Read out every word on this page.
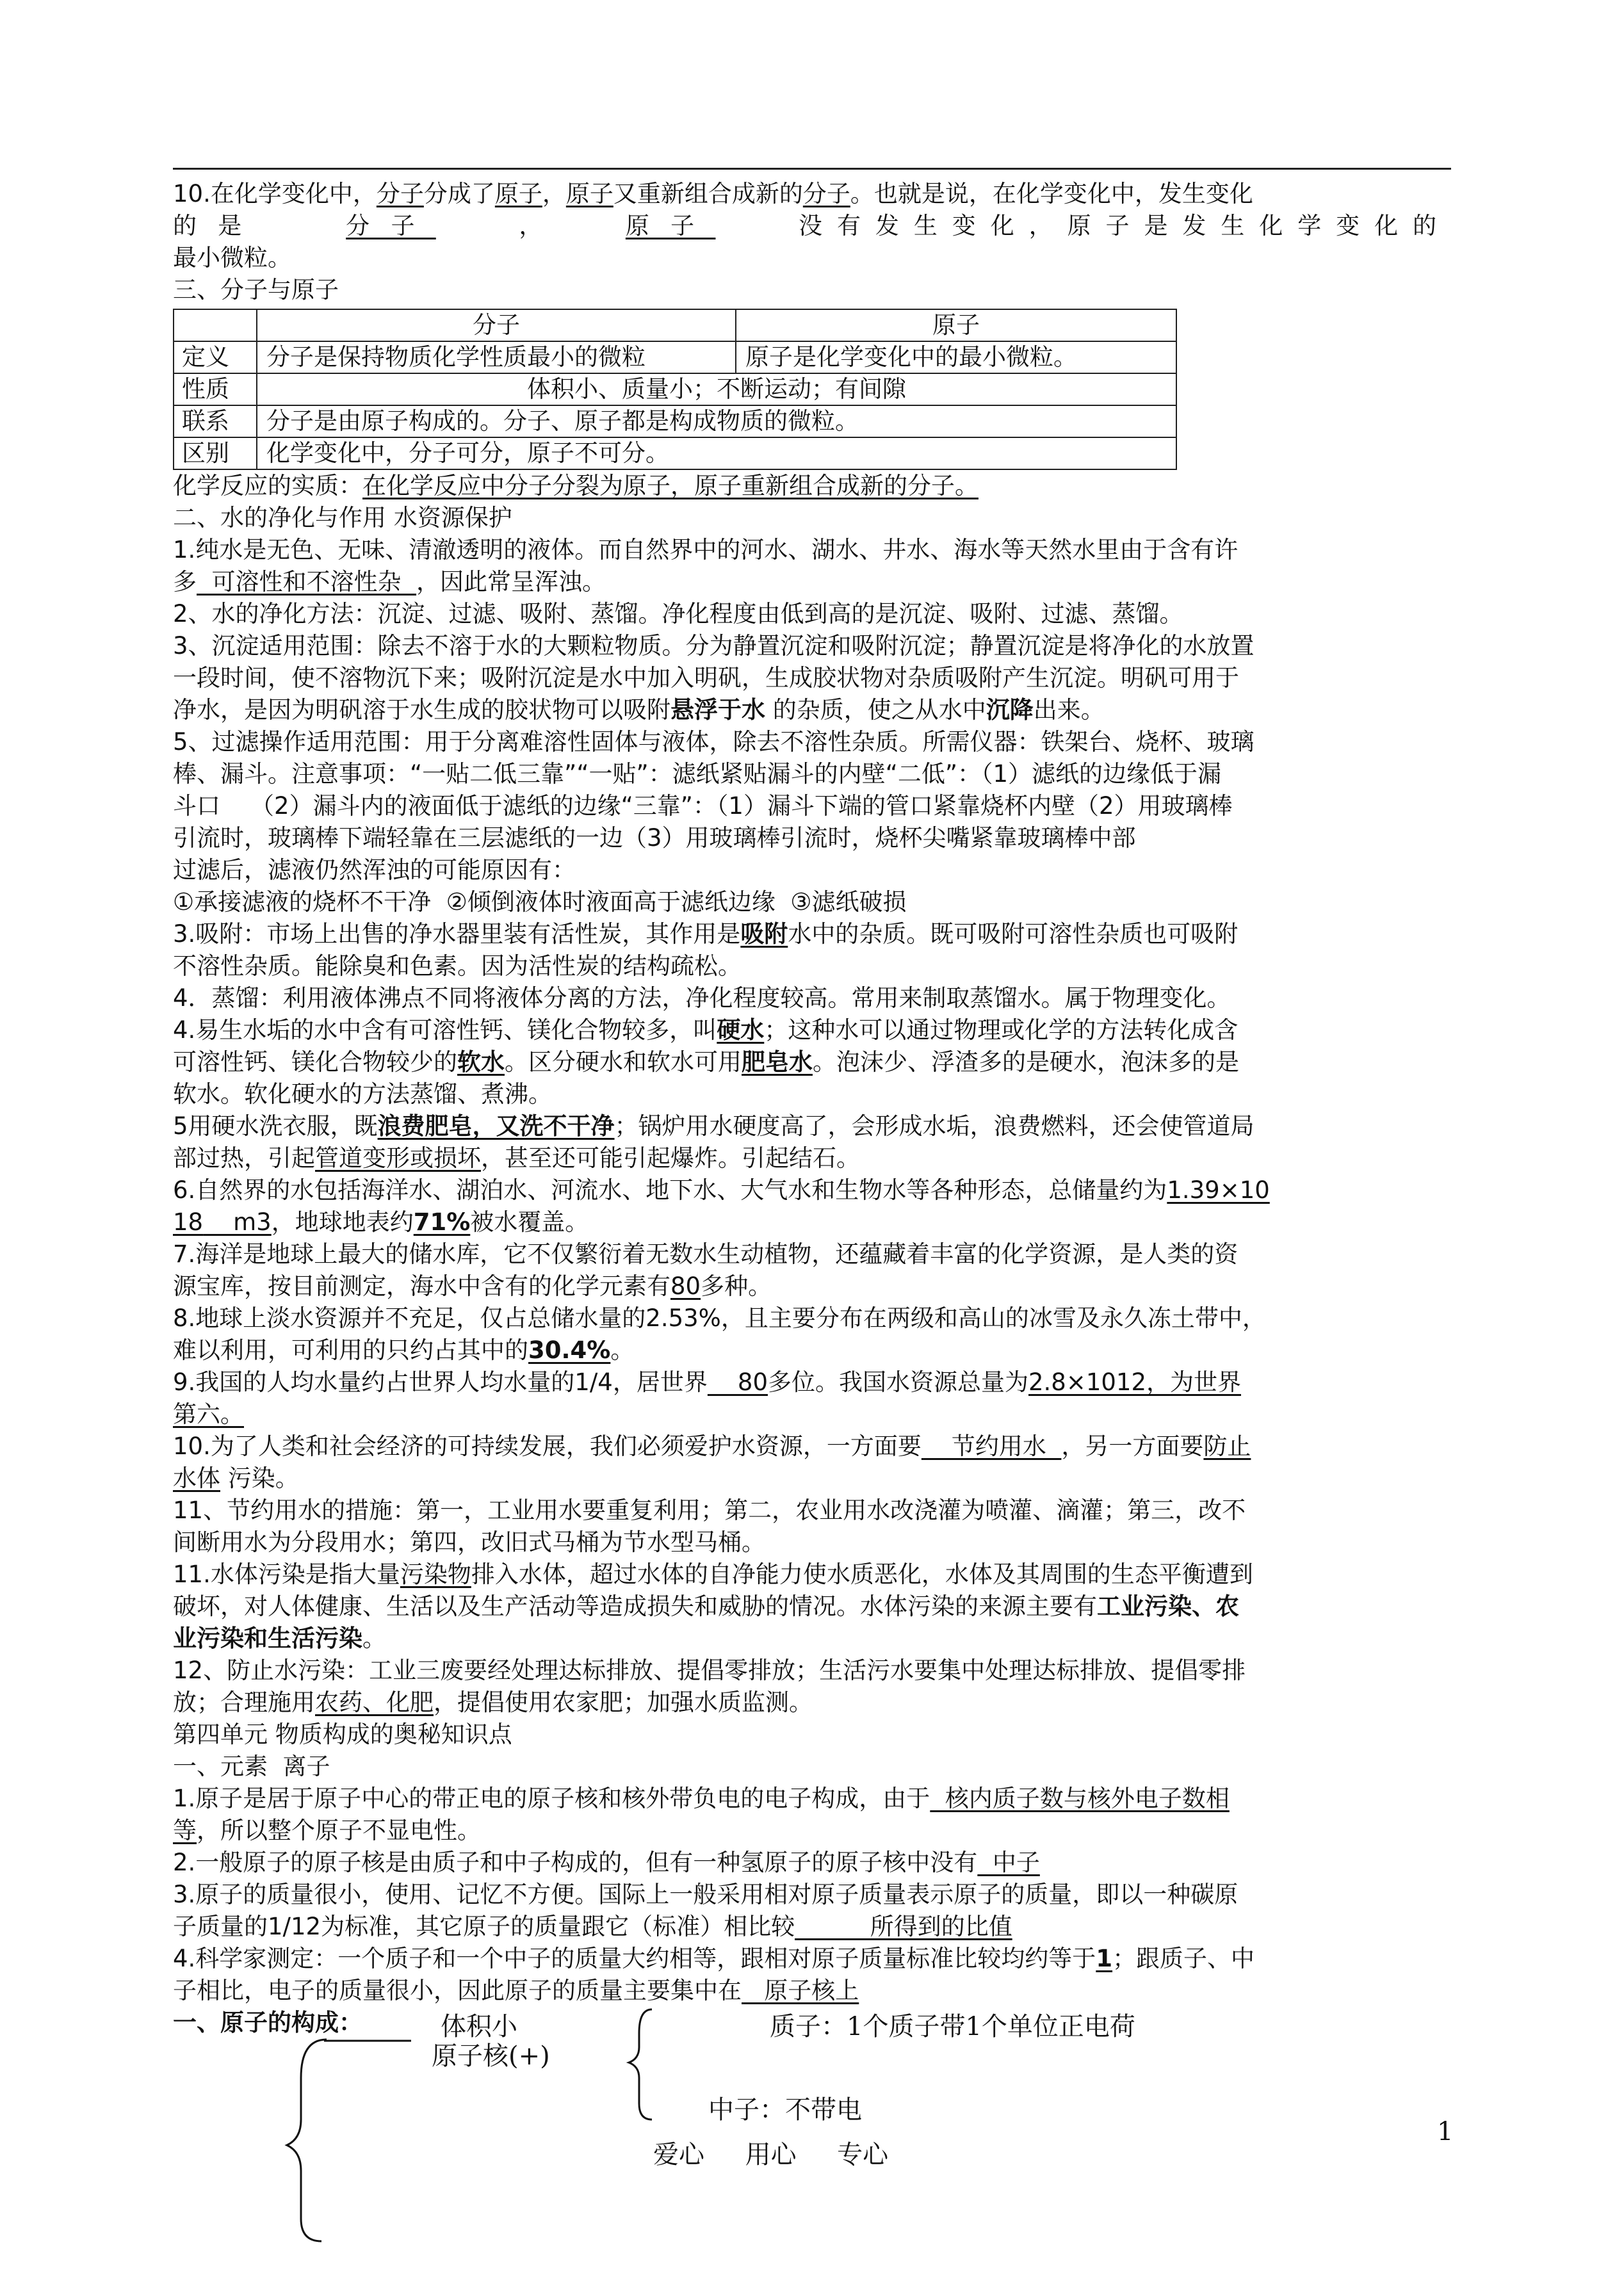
10.在化学变化中，分子分成了原子，原子又重新组合成新的分子。也就是说，在化学变化中，发生变化

的是	分子	，	原子	没有发生变化，原子是发生化学变化的

最小微粒。

三、分子与原子

	分子	原子
定义	分子是保持物质化学性质最小的微粒	原子是化学变化中的最小微粒。
性质	体积小、质量小；不断运动；有间隙	
联系	分子是由原子构成的。分子、原子都是构成物质的微粒。	
区别	化学变化中，分子可分，原子不可分。	

化学反应的实质：在化学反应中分子分裂为原子，原子重新组合成新的分子。

二、水的净化与作用 水资源保护

1.纯水是无色、无味、清澈透明的液体。而自然界中的河水、湖水、井水、海水等天然水里由于含有许

多  可溶性和不溶性杂  ，因此常呈浑浊。

2、水的净化方法：沉淀、过滤、吸附、蒸馏。净化程度由低到高的是沉淀、吸附、过滤、蒸馏。

3、沉淀适用范围：除去不溶于水的大颗粒物质。分为静置沉淀和吸附沉淀；静置沉淀是将净化的水放置

一段时间，使不溶物沉下来；吸附沉淀是水中加入明矾，生成胶状物对杂质吸附产生沉淀。明矾可用于

净水，是因为明矾溶于水生成的胶状物可以吸附悬浮于水 的杂质，使之从水中沉降出来。

5、过滤操作适用范围：用于分离难溶性固体与液体，除去不溶性杂质。所需仪器：铁架台、烧杯、玻璃

棒、漏斗。注意事项：“一贴二低三靠”“一贴”：滤纸紧贴漏斗的内壁“二低”：（1）滤纸的边缘低于漏

斗口    （2）漏斗内的液面低于滤纸的边缘“三靠”：（1）漏斗下端的管口紧靠烧杯内壁（2）用玻璃棒

引流时，玻璃棒下端轻靠在三层滤纸的一边（3）用玻璃棒引流时，烧杯尖嘴紧靠玻璃棒中部

过滤后，滤液仍然浑浊的可能原因有：

①承接滤液的烧杯不干净  ②倾倒液体时液面高于滤纸边缘  ③滤纸破损

3.吸附：市场上出售的净水器里装有活性炭，其作用是吸附水中的杂质。既可吸附可溶性杂质也可吸附

不溶性杂质。能除臭和色素。因为活性炭的结构疏松。

4．蒸馏：利用液体沸点不同将液体分离的方法，净化程度较高。常用来制取蒸馏水。属于物理变化。

4.易生水垢的水中含有可溶性钙、镁化合物较多，叫硬水；这种水可以通过物理或化学的方法转化成含

可溶性钙、镁化合物较少的软水。区分硬水和软水可用肥皂水。泡沫少、浮渣多的是硬水，泡沫多的是

软水。软化硬水的方法蒸馏、煮沸。

5用硬水洗衣服，既浪费肥皂，又洗不干净；锅炉用水硬度高了，会形成水垢，浪费燃料，还会使管道局

部过热，引起管道变形或损坏，甚至还可能引起爆炸。引起结石。

6.自然界的水包括海洋水、湖泊水、河流水、地下水、大气水和生物水等各种形态，总储量约为1.39×10

18    m3，地球地表约71%被水覆盖。

7.海洋是地球上最大的储水库，它不仅繁衍着无数水生动植物，还蕴藏着丰富的化学资源，是人类的资

源宝库，按目前测定，海水中含有的化学元素有80多种。

8.地球上淡水资源并不充足，仅占总储水量的2.53%，且主要分布在两级和高山的冰雪及永久冻土带中，

难以利用，可利用的只约占其中的30.4%。

9.我国的人均水量约占世界人均水量的1/4，居世界    80多位。我国水资源总量为2.8×1012，为世界

第六。

10.为了人类和社会经济的可持续发展，我们必须爱护水资源，一方面要    节约用水  ，另一方面要防止

水体 污染。

11、节约用水的措施：第一，工业用水要重复利用；第二，农业用水改浇灌为喷灌、滴灌；第三，改不

间断用水为分段用水；第四，改旧式马桶为节水型马桶。

11.水体污染是指大量污染物排入水体，超过水体的自净能力使水质恶化，水体及其周围的生态平衡遭到

破坏，对人体健康、生活以及生产活动等造成损失和威胁的情况。水体污染的来源主要有工业污染、农

业污染和生活污染。

12、防止水污染：工业三废要经处理达标排放、提倡零排放；生活污水要集中处理达标排放、提倡零排

放；合理施用农药、化肥，提倡使用农家肥；加强水质监测。

第四单元 物质构成的奥秘知识点

一、元素  离子

1.原子是居于原子中心的带正电的原子核和核外带负电的电子构成，由于  核内质子数与核外电子数相

等，所以整个原子不显电性。

2.一般原子的原子核是由质子和中子构成的，但有一种氢原子的原子核中没有  中子

3.原子的质量很小，使用、记忆不方便。国际上一般采用相对原子质量表示原子的质量，即以一种碳原

子质量的1/12为标准，其它原子的质量跟它（标准）相比较          所得到的比值

4.科学家测定：一个质子和一个中子的质量大约相等，跟相对原子质量标准比较均约等于1；跟质子、中

子相比，电子的质量很小，因此原子的质量主要集中在   原子核上

一、原子的构成：	体积小
原子核(+)
质子：1个质子带1个单位正电荷
中子：不带电
爱心     用心     专心
1
